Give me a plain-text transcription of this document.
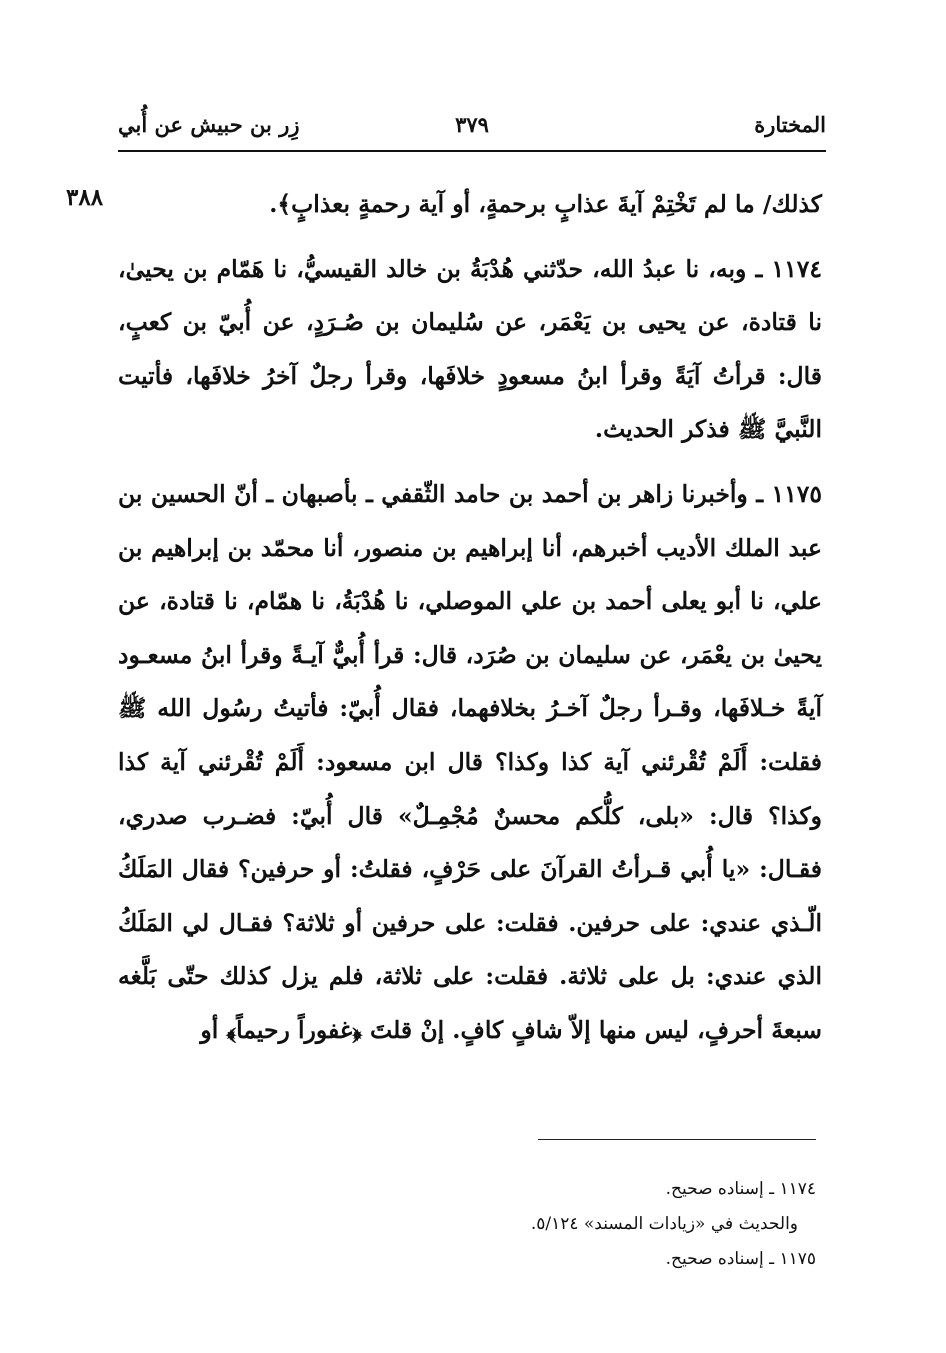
المختارة
٣٧٩
زِر بن حبيش عن أُبي
٣٨٨	كذلك/ ما لم تَخْتِمْ آيةَ عذابٍ برحمةٍ، أو آية رحمةٍ بعذابٍ﴾.

١١٧٤ ـ وبه، نا عبدُ الله، حدّثني هُدْبَةُ بن خالد القيسيُّ، نا هَمّام بن يحيىٰ، نا قتادة، عن يحيى بن يَعْمَر، عن سُليمان بن صُـرَدٍ، عن أُبيّ بن كعبٍ، قال: قرأتُ آيَةً وقرأ ابنُ مسعودٍ خلافَها، وقرأ رجلٌ آخرُ خلافَها، فأتيت النَّبيَّ ﷺ فذكر الحديث.

١١٧٥ ـ وأخبرنا زاهر بن أحمد بن حامد الثّقفي ـ بأصبهان ـ أنّ الحسين بن عبد الملك الأديب أخبرهم، أنا إبراهيم بن منصور، أنا محمّد بن إبراهيم بن علي، نا أبو يعلى أحمد بن علي الموصلي، نا هُدْبَةُ، نا همّام، نا قتادة، عن يحيىٰ بن يعْمَر، عن سليمان بن صُرَد، قال: قرأ أُبيٌّ آيـةً وقرأ ابنُ مسعـود آيةً خـلافَها، وقـرأ رجلٌ آخـرُ بخلافهما، فقال أُبيّ: فأتيتُ رسُول الله ﷺ فقلت: أَلَمْ تُقْرئني آية كذا وكذا؟ قال ابن مسعود: أَلَمْ تُقْرئني آية كذا وكذا؟ قال: «بلى، كلُّكم محسنٌ مُجْمِـلٌ» قال أُبيّ: فضـرب صدري، فقـال: «يا أُبي قـرأتُ القرآنَ على حَرْفٍ، فقلتُ: أو حرفين؟ فقال المَلَكُ الّـذي عندي: على حرفين. فقلت: على حرفين أو ثلاثة؟ فقـال لي المَلَكُ الذي عندي: بل على ثلاثة. فقلت: على ثلاثة، فلم يزل كذلك حتّى بَلَّغه سبعةَ أحرفٍ، ليس منها إلاّ شافٍ كافٍ. إنْ قلتَ ﴿غفوراً رحيماً﴾ أو

١١٧٤ ـ إسناده صحيح.

والحديث في «زيادات المسند» ٥/١٢٤.

١١٧٥ ـ إسناده صحيح.
